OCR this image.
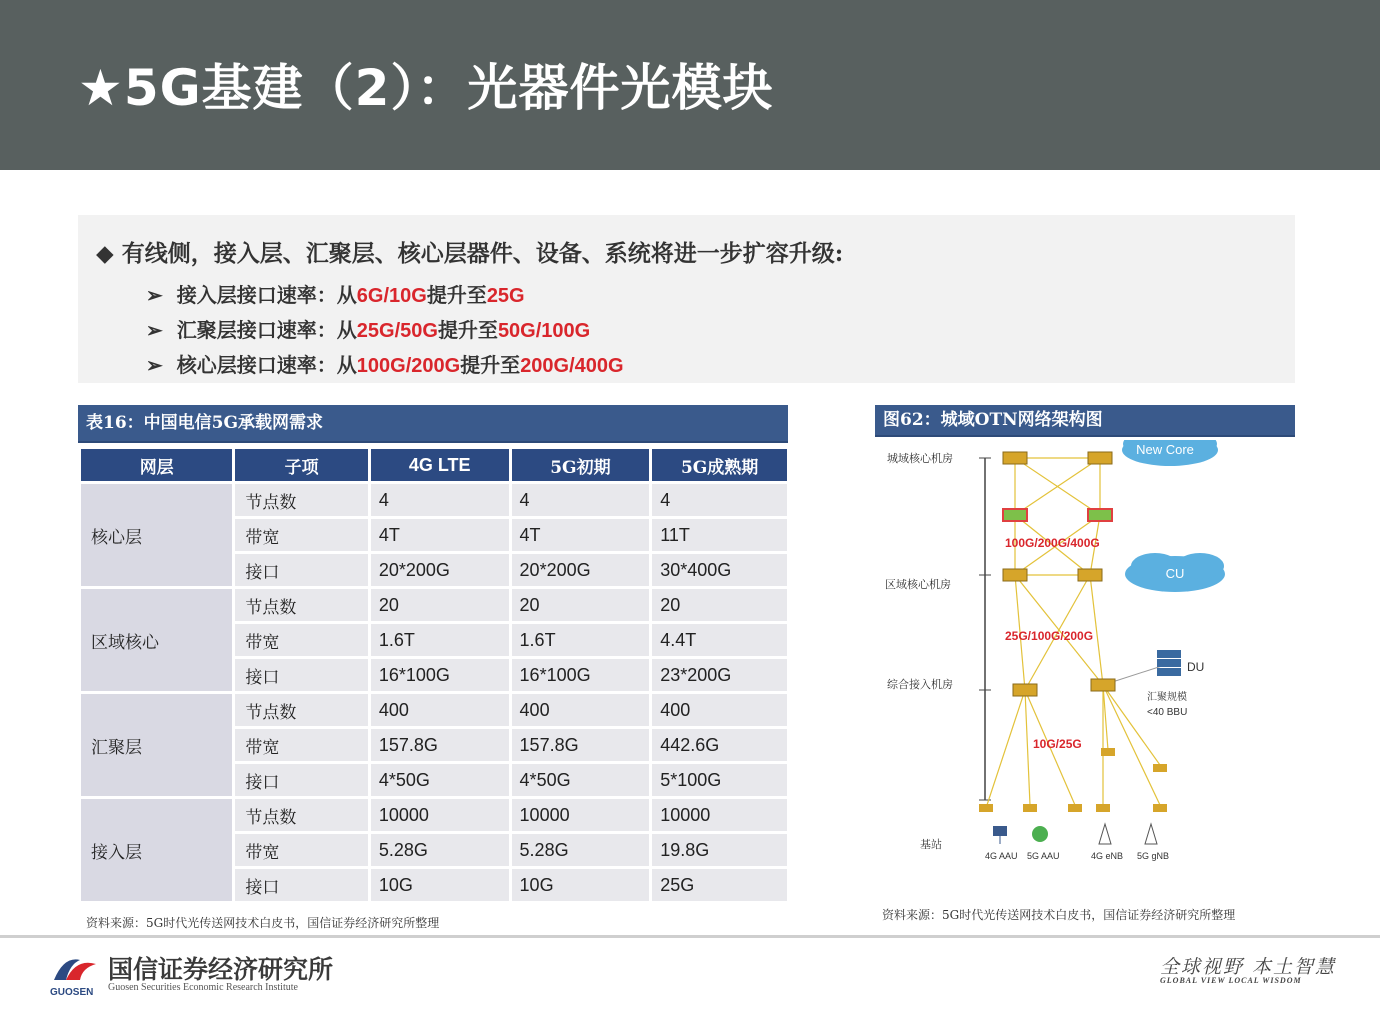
★5G基建（2）：光器件光模块
◆ 有线侧，接入层、汇聚层、核心层器件、设备、系统将进一步扩容升级:
➢ 接入层接口速率：从6G/10G提升至25G
➢ 汇聚层接口速率：从25G/50G提升至50G/100G
➢ 核心层接口速率：从100G/200G提升至200G/400G
表16：中国电信5G承载网需求
网层	子项	4G LTE	5G初期	5G成熟期
核心层	节点数	4	4	4
	带宽	4T	4T	11T
	接口	20*200G	20*200G	30*400G
区域核心	节点数	20	20	20
	带宽	1.6T	1.6T	4.4T
	接口	16*100G	16*100G	23*200G
汇聚层	节点数	400	400	400
	带宽	157.8G	157.8G	442.6G
	接口	4*50G	4*50G	5*100G
接入层	节点数	10000	10000	10000
	带宽	5.28G	5.28G	19.8G
	接口	10G	10G	25G
资料来源：5G时代光传送网技术白皮书，国信证券经济研究所整理
图62：城域OTN网络架构图
New Core
CU
城域核心机房
区域核心机房
综合接入机房
基站
DU
汇聚规模
<40 BBU
4G AAU 5G AAU	4G eNB 5G gNB
100G/200G/400G
25G/100G/200G
10G/25G
资料来源：5G时代光传送网技术白皮书，国信证券经济研究所整理
GUOSEN
国信证券经济研究所
Guosen Securities Economic Research Institute
全球视野 本土智慧
GLOBAL VIEW LOCAL WISDOM
